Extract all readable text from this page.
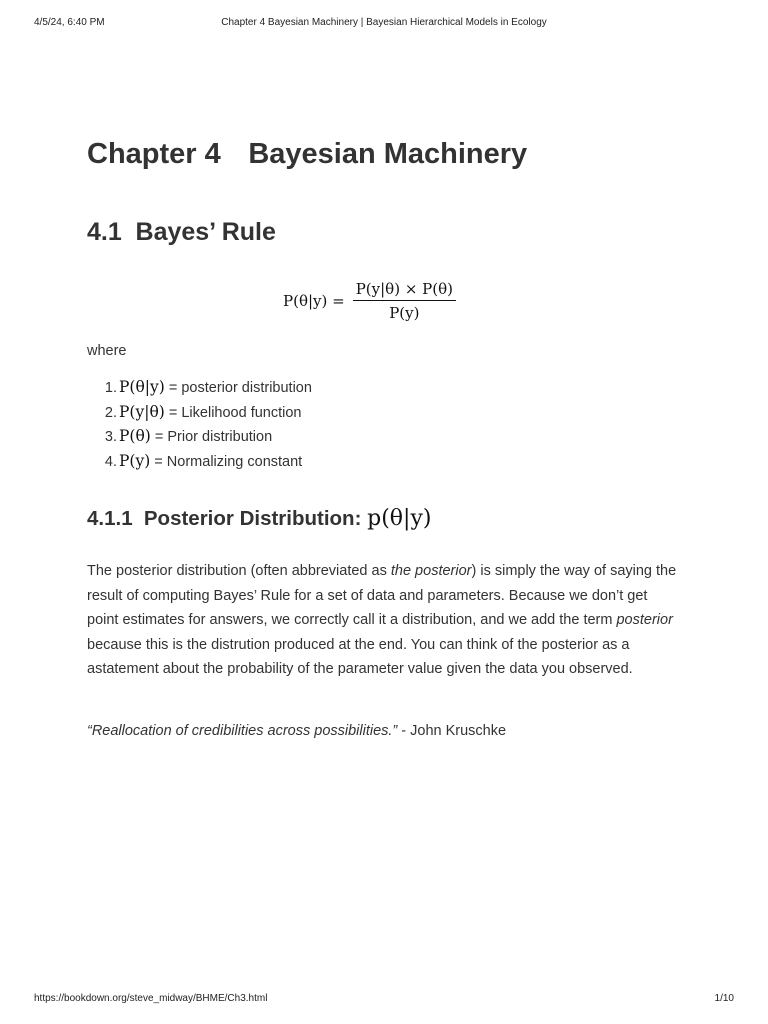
4/5/24, 6:40 PM	Chapter 4 Bayesian Machinery | Bayesian Hierarchical Models in Ecology
Chapter 4 Bayesian Machinery
4.1 Bayes’ Rule
$P(\theta|y) = \frac{P(y|\theta) \times P(\theta)}{P(y)}$

where

1. P(θ|y) = posterior distribution
2. P(y|θ) = Likelihood function
3. P(θ) = Prior distribution
4. P(y) = Normalizing constant
4.1.1 Posterior Distribution: p(θ|y)

The posterior distribution (often abbreviated as the posterior) is simply the way of saying the result of computing Bayes’ Rule for a set of data and parameters. Because we don’t get point estimates for answers, we correctly call it a distribution, and we add the term posterior because this is the distrution produced at the end. You can think of the posterior as a astatement about the probability of the parameter value given the data you observed.

“Reallocation of credibilities across possibilities.” - John Kruschke

https://bookdown.org/steve_midway/BHME/Ch3.html	1/10
